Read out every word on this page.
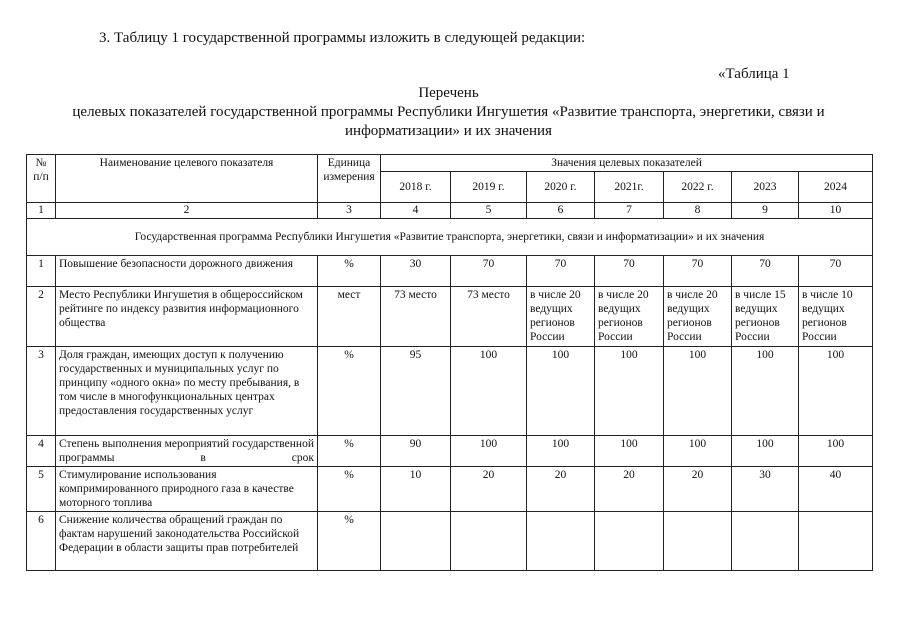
3. Таблицу 1 государственной программы изложить в следующей редакции:
«Таблица 1
Перечень
целевых показателей государственной программы Республики Ингушетия «Развитие транспорта, энергетики, связи и
информатизации» и их значения
№ п/п	Наименование целевого показателя	Единица измерения	Значения целевых показателей						
			2018 г.	2019 г.	2020 г.	2021г.	2022 г.	2023	2024
1	2	3	4	5	6	7	8	9	10
Государственная программа Республики Ингушетия «Развитие транспорта, энергетики, связи и информатизации» и их значения									
1	Повышение безопасности дорожного движения	%	30	70	70	70	70	70	70
2	Место Республики Ингушетия в общероссийском рейтинге по индексу развития информационного общества	мест	73 место	73 место	в числе 20 ведущих регионов России	в числе 20 ведущих регионов России	в числе 20 ведущих регионов России	в числе 15 ведущих регионов России	в числе 10 ведущих регионов России
3	Доля граждан, имеющих доступ к получению государственных и муниципальных услуг по принципу «одного окна» по месту пребывания, в том числе в многофункциональных центрах предоставления государственных услуг	%	95	100	100	100	100	100	100
4	Степень выполнения мероприятий государственной программы в срок	%	90	100	100	100	100	100	100
5	Стимулирование использования компримированного природного газа в качестве моторного топлива	%	10	20	20	20	20	30	40
6	Снижение количества обращений граждан по фактам нарушений законодательства Российской Федерации в области защиты прав потребителей	%							
